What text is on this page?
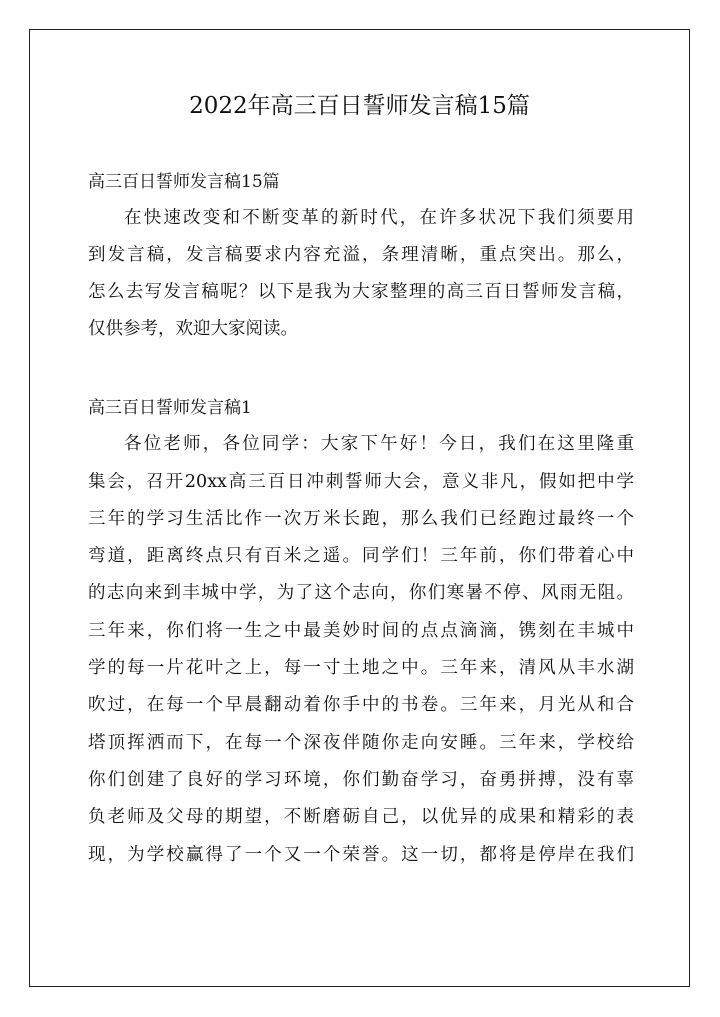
2022年高三百日誓师发言稿15篇
高三百日誓师发言稿15篇
在快速改变和不断变革的新时代，在许多状况下我们须要用
到发言稿，发言稿要求内容充溢，条理清晰，重点突出。那么，
怎么去写发言稿呢？以下是我为大家整理的高三百日誓师发言稿，
仅供参考，欢迎大家阅读。
高三百日誓师发言稿1
各位老师，各位同学：大家下午好！今日，我们在这里隆重
集会，召开20xx高三百日冲刺誓师大会，意义非凡，假如把中学
三年的学习生活比作一次万米长跑，那么我们已经跑过最终一个
弯道，距离终点只有百米之遥。同学们！三年前，你们带着心中
的志向来到丰城中学，为了这个志向，你们寒暑不停、风雨无阻。
三年来，你们将一生之中最美妙时间的点点滴滴，镌刻在丰城中
学的每一片花叶之上，每一寸土地之中。三年来，清风从丰水湖
吹过，在每一个早晨翻动着你手中的书卷。三年来，月光从和合
塔顶挥洒而下，在每一个深夜伴随你走向安睡。三年来，学校给
你们创建了良好的学习环境，你们勤奋学习，奋勇拼搏，没有辜
负老师及父母的期望，不断磨砺自己，以优异的成果和精彩的表
现，为学校赢得了一个又一个荣誉。这一切，都将是停岸在我们
